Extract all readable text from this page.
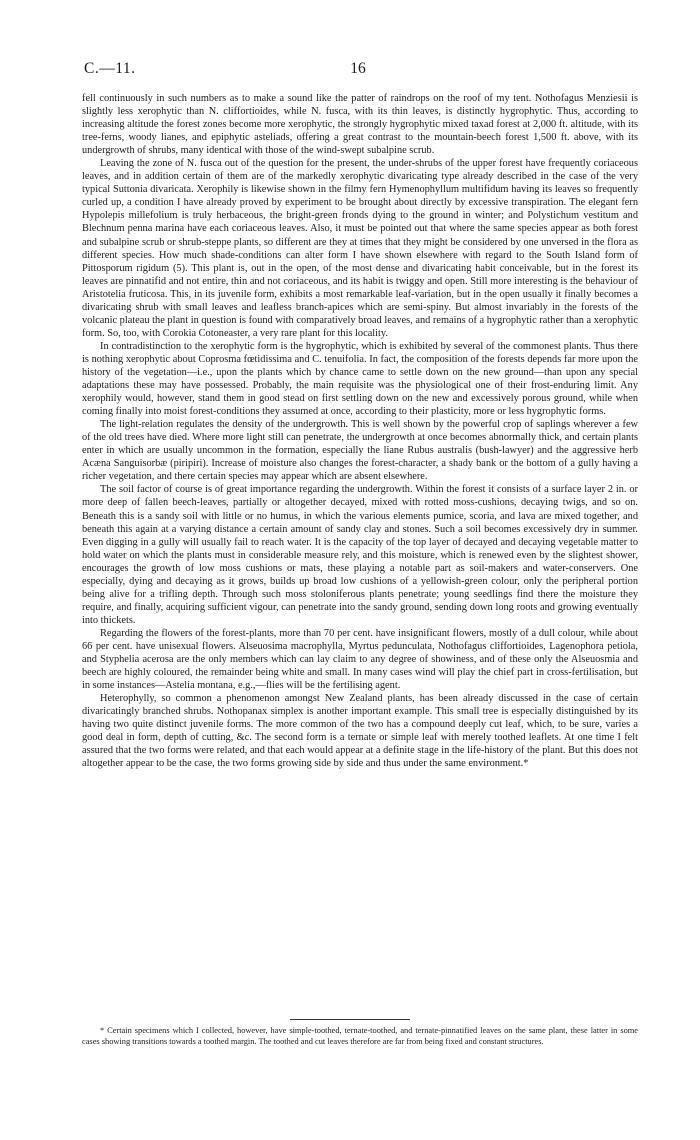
C.—11.	16

fell continuously in such numbers as to make a sound like the patter of raindrops on the roof of my tent. Nothofagus Menziesii is slightly less xerophytic than N. cliffortioides, while N. fusca, with its thin leaves, is distinctly hygrophytic. Thus, according to increasing altitude the forest zones become more xerophytic, the strongly hygrophytic mixed taxad forest at 2,000 ft. altitude, with its tree-ferns, woody lianes, and epiphytic asteliads, offering a great contrast to the mountain-beech forest 1,500 ft. above, with its undergrowth of shrubs, many identical with those of the wind-swept subalpine scrub.

Leaving the zone of N. fusca out of the question for the present, the under-shrubs of the upper forest have frequently coriaceous leaves, and in addition certain of them are of the markedly xerophytic divaricating type already described in the case of the very typical Suttonia divaricata. Xerophily is likewise shown in the filmy fern Hymenophyllum multifidum having its leaves so frequently curled up, a condition I have already proved by experiment to be brought about directly by excessive transpiration. The elegant fern Hypolepis millefolium is truly herbaceous, the bright-green fronds dying to the ground in winter; and Polystichum vestitum and Blechnum penna marina have each coriaceous leaves. Also, it must be pointed out that where the same species appear as both forest and subalpine scrub or shrub-steppe plants, so different are they at times that they might be considered by one unversed in the flora as different species. How much shade-conditions can alter form I have shown elsewhere with regard to the South Island form of Pittosporum rigidum (5). This plant is, out in the open, of the most dense and divaricating habit conceivable, but in the forest its leaves are pinnatifid and not entire, thin and not coriaceous, and its habit is twiggy and open. Still more interesting is the behaviour of Aristotelia fruticosa. This, in its juvenile form, exhibits a most remarkable leaf-variation, but in the open usually it finally becomes a divaricating shrub with small leaves and leafless branch-apices which are semi-spiny. But almost invariably in the forests of the volcanic plateau the plant in question is found with comparatively broad leaves, and remains of a hygrophytic rather than a xerophytic form. So, too, with Corokia Cotoneaster, a very rare plant for this locality.

In contradistinction to the xerophytic form is the hygrophytic, which is exhibited by several of the commonest plants. Thus there is nothing xerophytic about Coprosma fœtidissima and C. tenuifolia. In fact, the composition of the forests depends far more upon the history of the vegetation—i.e., upon the plants which by chance came to settle down on the new ground—than upon any special adaptations these may have possessed. Probably, the main requisite was the physiological one of their frost-enduring limit. Any xerophily would, however, stand them in good stead on first settling down on the new and excessively porous ground, while when coming finally into moist forest-conditions they assumed at once, according to their plasticity, more or less hygrophytic forms.

The light-relation regulates the density of the undergrowth. This is well shown by the powerful crop of saplings wherever a few of the old trees have died. Where more light still can penetrate, the undergrowth at once becomes abnormally thick, and certain plants enter in which are usually uncommon in the formation, especially the liane Rubus australis (bush-lawyer) and the aggressive herb Acæna Sanguisorbæ (piripiri). Increase of moisture also changes the forest-character, a shady bank or the bottom of a gully having a richer vegetation, and there certain species may appear which are absent elsewhere.

The soil factor of course is of great importance regarding the undergrowth. Within the forest it consists of a surface layer 2 in. or more deep of fallen beech-leaves, partially or altogether decayed, mixed with rotted moss-cushions, decaying twigs, and so on. Beneath this is a sandy soil with little or no humus, in which the various elements pumice, scoria, and lava are mixed together, and beneath this again at a varying distance a certain amount of sandy clay and stones. Such a soil becomes excessively dry in summer. Even digging in a gully will usually fail to reach water. It is the capacity of the top layer of decayed and decaying vegetable matter to hold water on which the plants must in considerable measure rely, and this moisture, which is renewed even by the slightest shower, encourages the growth of low moss cushions or mats, these playing a notable part as soil-makers and water-conservers. One especially, dying and decaying as it grows, builds up broad low cushions of a yellowish-green colour, only the peripheral portion being alive for a trifling depth. Through such moss stoloniferous plants penetrate; young seedlings find there the moisture they require, and finally, acquiring sufficient vigour, can penetrate into the sandy ground, sending down long roots and growing eventually into thickets.

Regarding the flowers of the forest-plants, more than 70 per cent. have insignificant flowers, mostly of a dull colour, while about 66 per cent. have unisexual flowers. Alseuosima macrophylla, Myrtus pedunculata, Nothofagus cliffortioides, Lagenophora petiola, and Styphelia acerosa are the only members which can lay claim to any degree of showiness, and of these only the Alseuosmia and beech are highly coloured, the remainder being white and small. In many cases wind will play the chief part in cross-fertilisation, but in some instances—Astelia montana, e.g.,—flies will be the fertilising agent.

Heterophylly, so common a phenomenon amongst New Zealand plants, has been already discussed in the case of certain divaricatingly branched shrubs. Nothopanax simplex is another important example. This small tree is especially distinguished by its having two quite distinct juvenile forms. The more common of the two has a compound deeply cut leaf, which, to be sure, varies a good deal in form, depth of cutting, &c. The second form is a ternate or simple leaf with merely toothed leaflets. At one time I felt assured that the two forms were related, and that each would appear at a definite stage in the life-history of the plant. But this does not altogether appear to be the case, the two forms growing side by side and thus under the same environment.*

* Certain specimens which I collected, however, have simple-toothed, ternate-toothed, and ternate-pinnatified leaves on the same plant, these latter in some cases showing transitions towards a toothed margin. The toothed and cut leaves therefore are far from being fixed and constant structures.
